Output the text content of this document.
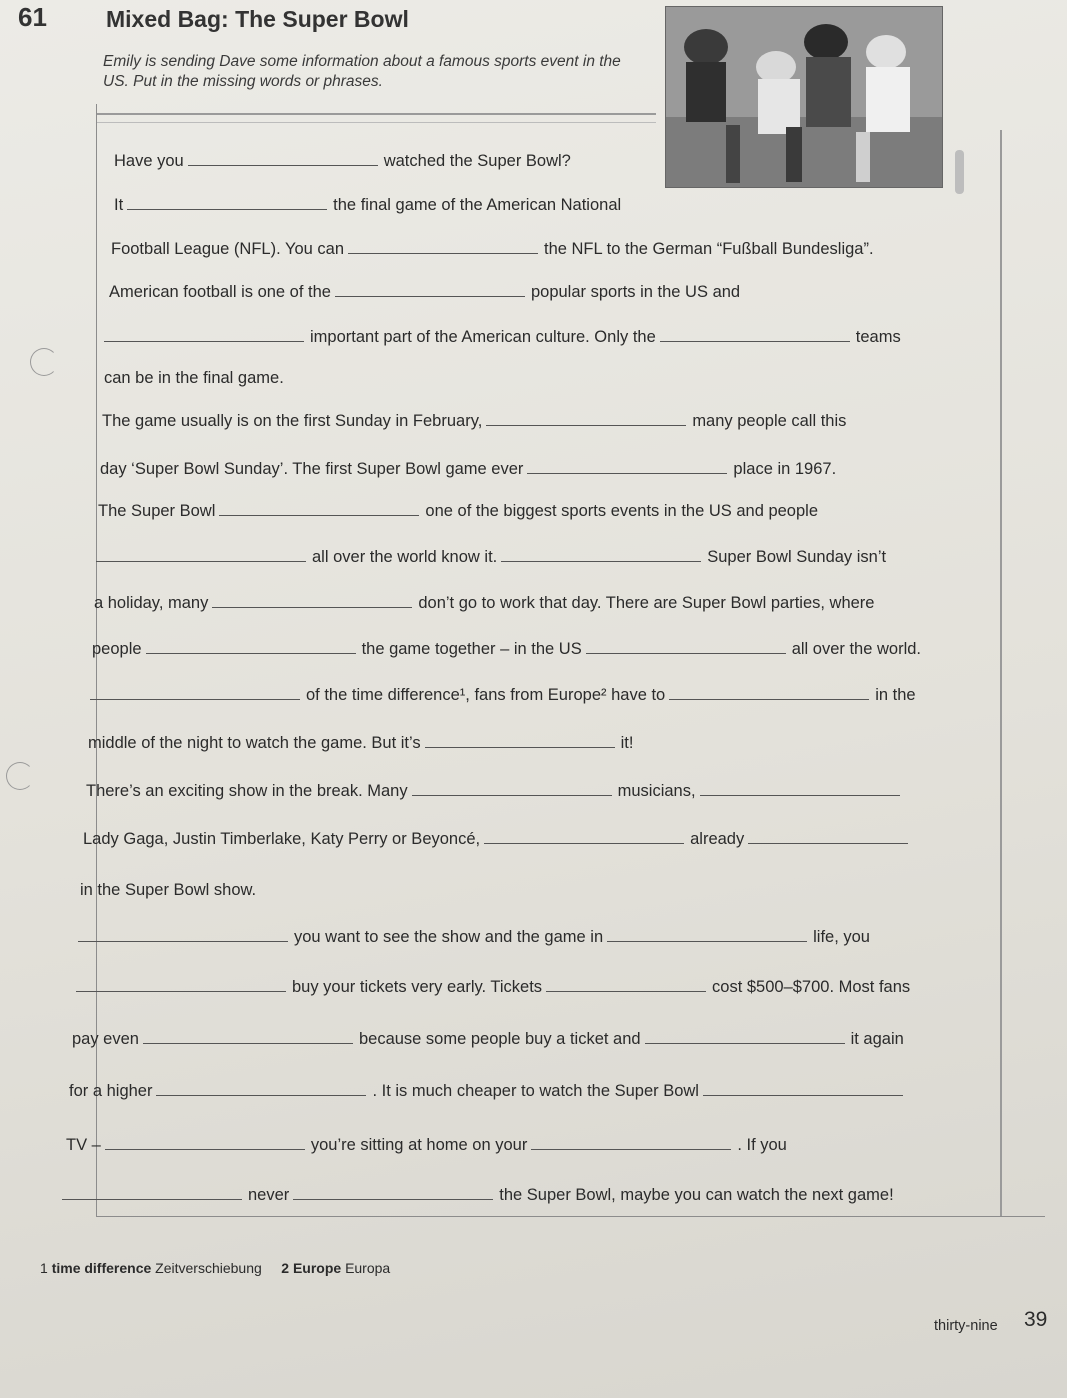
61	Mixed Bag: The Super Bowl
Emily is sending Dave some information about a famous sports event in the US. Put in the missing words or phrases.
Have you	watched the Super Bowl?
It	the final game of the American National
Football League (NFL). You can	the NFL to the German “Fußball Bundesliga”.
American football is one of the	popular sports in the US and
important part of the American culture. Only the	teams
can be in the final game.
The game usually is on the first Sunday in February,	many people call this
day ‘Super Bowl Sunday’. The first Super Bowl game ever	place in 1967.
The Super Bowl	one of the biggest sports events in the US and people
all over the world know it.	Super Bowl Sunday isn’t
a holiday, many	don’t go to work that day. There are Super Bowl parties, where
people	the game together – in the US	all over the world.
of the time difference¹, fans from Europe² have to	in the
middle of the night to watch the game. But it’s	it!
There’s an exciting show in the break. Many	musicians,
Lady Gaga, Justin Timberlake, Katy Perry or Beyoncé,	already
in the Super Bowl show.
you want to see the show and the game in	life, you
buy your tickets very early. Tickets	cost $500–$700. Most fans
pay even	because some people buy a ticket and	it again
for a higher	. It is much cheaper to watch the Super Bowl
TV –	you’re sitting at home on your	. If you
never	the Super Bowl, maybe you can watch the next game!
1 time difference Zeitverschiebung 2 Europe Europa
thirty-nine 39
